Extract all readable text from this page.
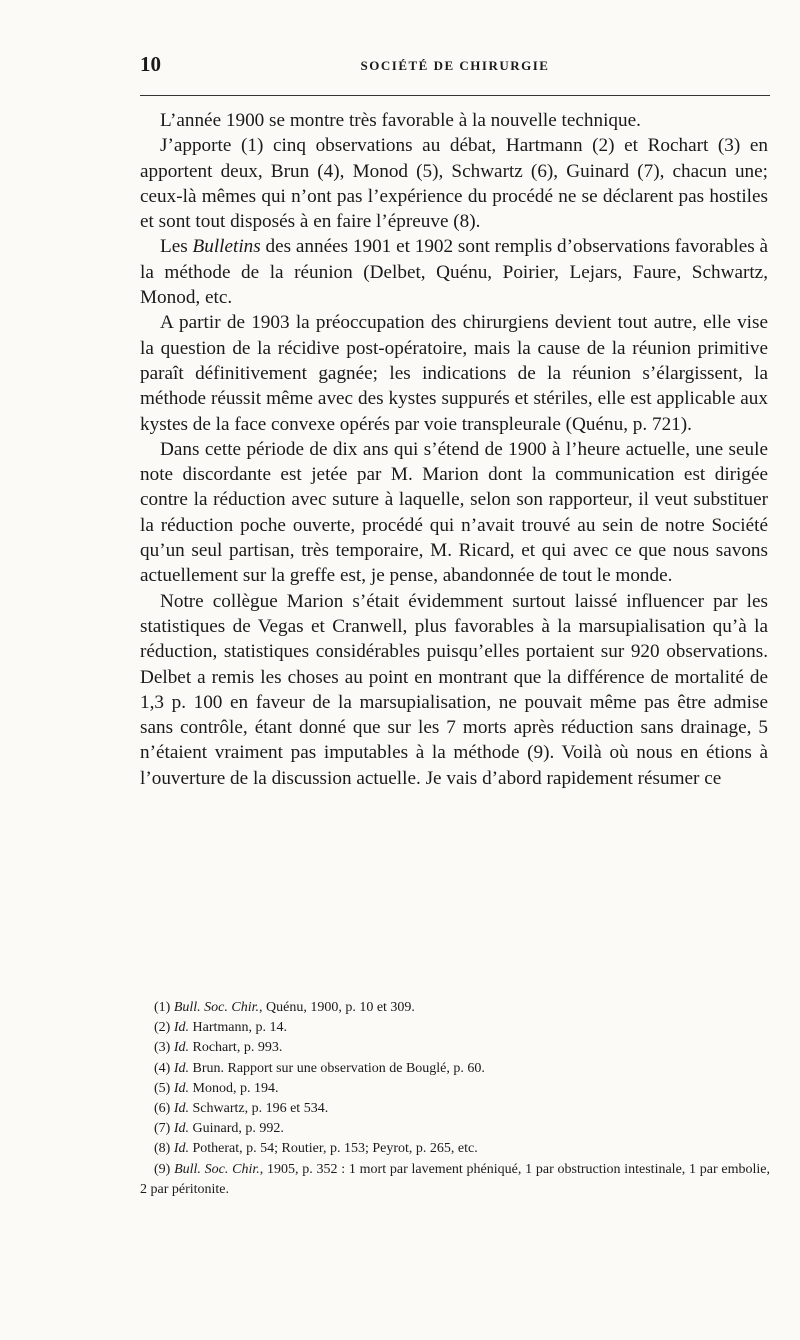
10	SOCIÉTÉ DE CHIRURGIE

L’année 1900 se montre très favorable à la nouvelle technique.

J’apporte (1) cinq observations au débat, Hartmann (2) et Rochart (3) en apportent deux, Brun (4), Monod (5), Schwartz (6), Guinard (7), chacun une; ceux-là mêmes qui n’ont pas l’expérience du procédé ne se déclarent pas hostiles et sont tout disposés à en faire l’épreuve (8).

Les Bulletins des années 1901 et 1902 sont remplis d’observations favorables à la méthode de la réunion (Delbet, Quénu, Poirier, Lejars, Faure, Schwartz, Monod, etc.

A partir de 1903 la préoccupation des chirurgiens devient tout autre, elle vise la question de la récidive post-opératoire, mais la cause de la réunion primitive paraît définitivement gagnée; les indications de la réunion s’élargissent, la méthode réussit même avec des kystes suppurés et stériles, elle est applicable aux kystes de la face convexe opérés par voie transpleurale (Quénu, p. 721).

Dans cette période de dix ans qui s’étend de 1900 à l’heure actuelle, une seule note discordante est jetée par M. Marion dont la communication est dirigée contre la réduction avec suture à laquelle, selon son rapporteur, il veut substituer la réduction poche ouverte, procédé qui n’avait trouvé au sein de notre Société qu’un seul partisan, très temporaire, M. Ricard, et qui avec ce que nous savons actuellement sur la greffe est, je pense, abandonnée de tout le monde.

Notre collègue Marion s’était évidemment surtout laissé influencer par les statistiques de Vegas et Cranwell, plus favorables à la marsupialisation qu’à la réduction, statistiques considérables puisqu’elles portaient sur 920 observations. Delbet a remis les choses au point en montrant que la différence de mortalité de 1,3 p. 100 en faveur de la marsupialisation, ne pouvait même pas être admise sans contrôle, étant donné que sur les 7 morts après réduction sans drainage, 5 n’étaient vraiment pas imputables à la méthode (9). Voilà où nous en étions à l’ouverture de la discussion actuelle. Je vais d’abord rapidement résumer ce

(1) Bull. Soc. Chir., Quénu, 1900, p. 10 et 309.
(2) Id. Hartmann, p. 14.
(3) Id. Rochart, p. 993.
(4) Id. Brun. Rapport sur une observation de Bouglé, p. 60.
(5) Id. Monod, p. 194.
(6) Id. Schwartz, p. 196 et 534.
(7) Id. Guinard, p. 992.
(8) Id. Potherat, p. 54; Routier, p. 153; Peyrot, p. 265, etc.
(9) Bull. Soc. Chir., 1905, p. 352 : 1 mort par lavement phéniqué, 1 par obstruction intestinale, 1 par embolie, 2 par péritonite.
